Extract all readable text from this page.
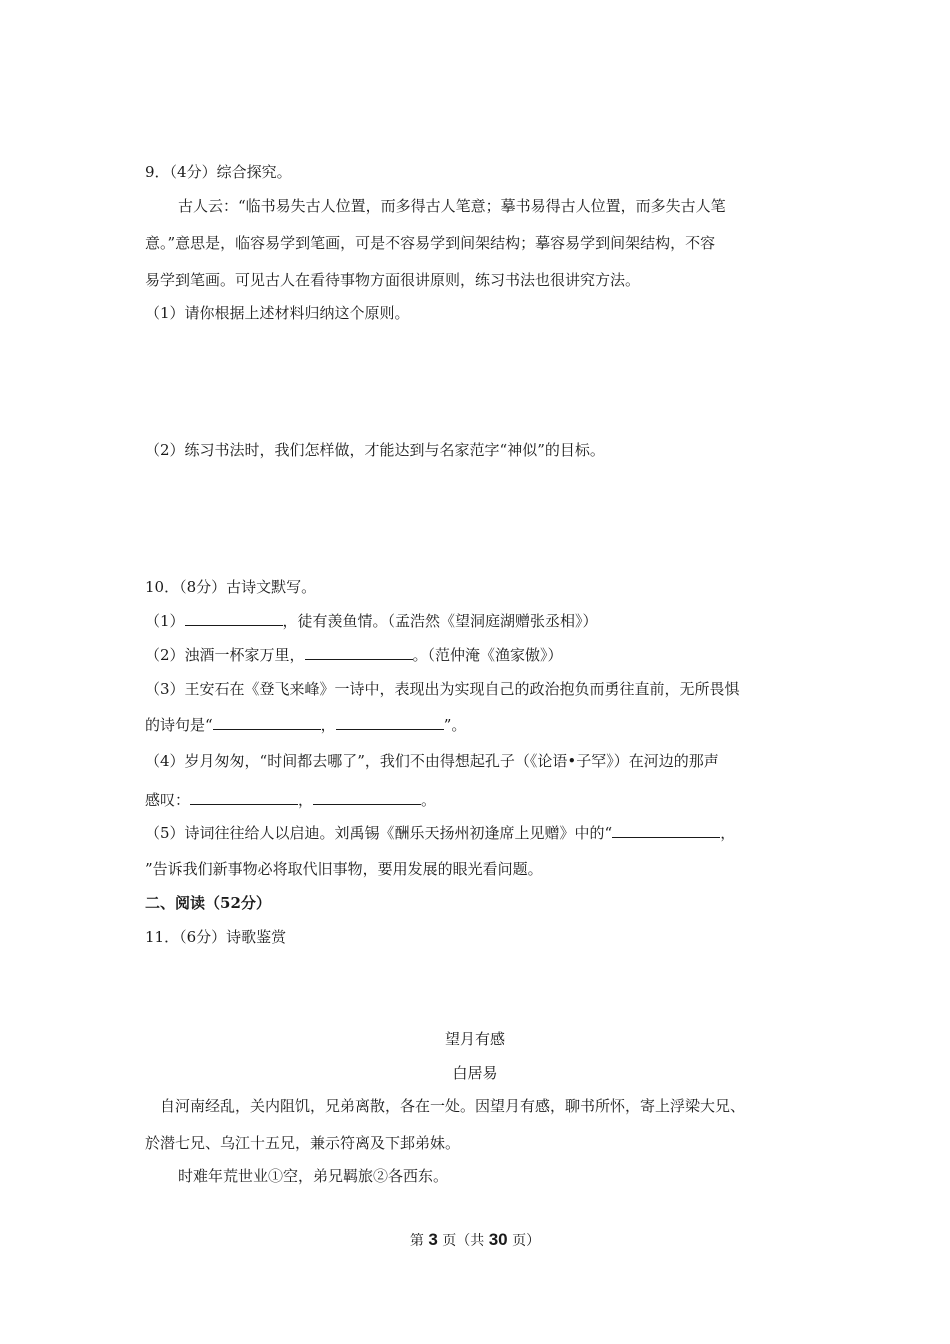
9．（4分）综合探究。
古人云：“临书易失古人位置，而多得古人笔意；摹书易得古人位置，而多失古人笔
意。”意思是，临容易学到笔画，可是不容易学到间架结构；摹容易学到间架结构，不容
易学到笔画。可见古人在看待事物方面很讲原则，练习书法也很讲究方法。
（1）请你根据上述材料归纳这个原则。
（2）练习书法时，我们怎样做，才能达到与名家范字“神似”的目标。
10．（8分）古诗文默写。
（1）	，徒有羡鱼情。（孟浩然《望洞庭湖赠张丞相》）
（2）浊酒一杯家万里，	。（范仲淹《渔家傲》）
（3）王安石在《登飞来峰》一诗中，表现出为实现自己的政治抱负而勇往直前，无所畏惧
的诗句是“	，	”。
（4）岁月匆匆，“时间都去哪了”，我们不由得想起孔子（《论语•子罕》）在河边的那声
感叹：	，	。
（5）诗词往往给人以启迪。刘禹锡《酬乐天扬州初逢席上见赠》中的“	，
”告诉我们新事物必将取代旧事物，要用发展的眼光看问题。
二、阅读（52分）
11．（6分）诗歌鉴赏
望月有感
白居易
自河南经乱，关内阻饥，兄弟离散，各在一处。因望月有感，聊书所怀，寄上浮梁大兄、
於潜七兄、乌江十五兄，兼示符离及下邽弟妹。
时难年荒世业①空，弟兄羁旅②各西东。
第 3 页（共 30 页）
